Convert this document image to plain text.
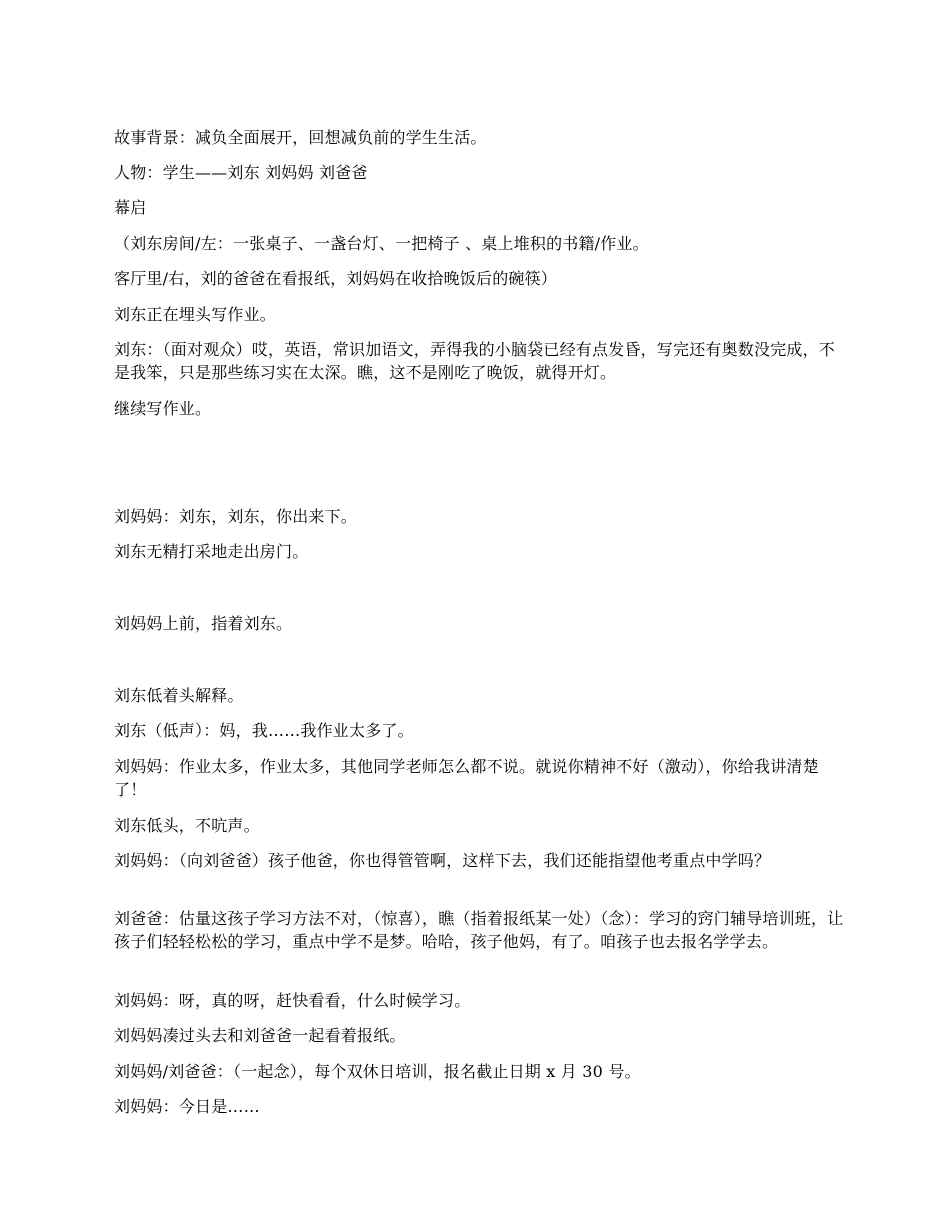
故事背景：减负全面展开，回想减负前的学生生活。
人物：学生——刘东 刘妈妈 刘爸爸
幕启
（刘东房间/左：一张桌子、一盏台灯、一把椅子 、桌上堆积的书籍/作业。
客厅里/右，刘的爸爸在看报纸，刘妈妈在收拾晚饭后的碗筷）
刘东正在埋头写作业。
刘东：（面对观众）哎，英语，常识加语文，弄得我的小脑袋已经有点发昏，写完还有奥数没完成，不是我笨，只是那些练习实在太深。瞧，这不是刚吃了晚饭，就得开灯。
继续写作业。
刘妈妈：刘东，刘东，你出来下。
刘东无精打采地走出房门。
刘妈妈上前，指着刘东。
刘东低着头解释。
刘东（低声）：妈，我……我作业太多了。
刘妈妈：作业太多，作业太多，其他同学老师怎么都不说。就说你精神不好（激动），你给我讲清楚了！
刘东低头，不吭声。
刘妈妈：（向刘爸爸）孩子他爸，你也得管管啊，这样下去，我们还能指望他考重点中学吗？
刘爸爸：估量这孩子学习方法不对，（惊喜），瞧（指着报纸某一处）（念）：学习的窍门辅导培训班，让孩子们轻轻松松的学习，重点中学不是梦。哈哈，孩子他妈，有了。咱孩子也去报名学学去。
刘妈妈：呀，真的呀，赶快看看，什么时候学习。
刘妈妈凑过头去和刘爸爸一起看着报纸。
刘妈妈/刘爸爸：（一起念），每个双休日培训，报名截止日期 x 月 30 号。
刘妈妈：今日是……
